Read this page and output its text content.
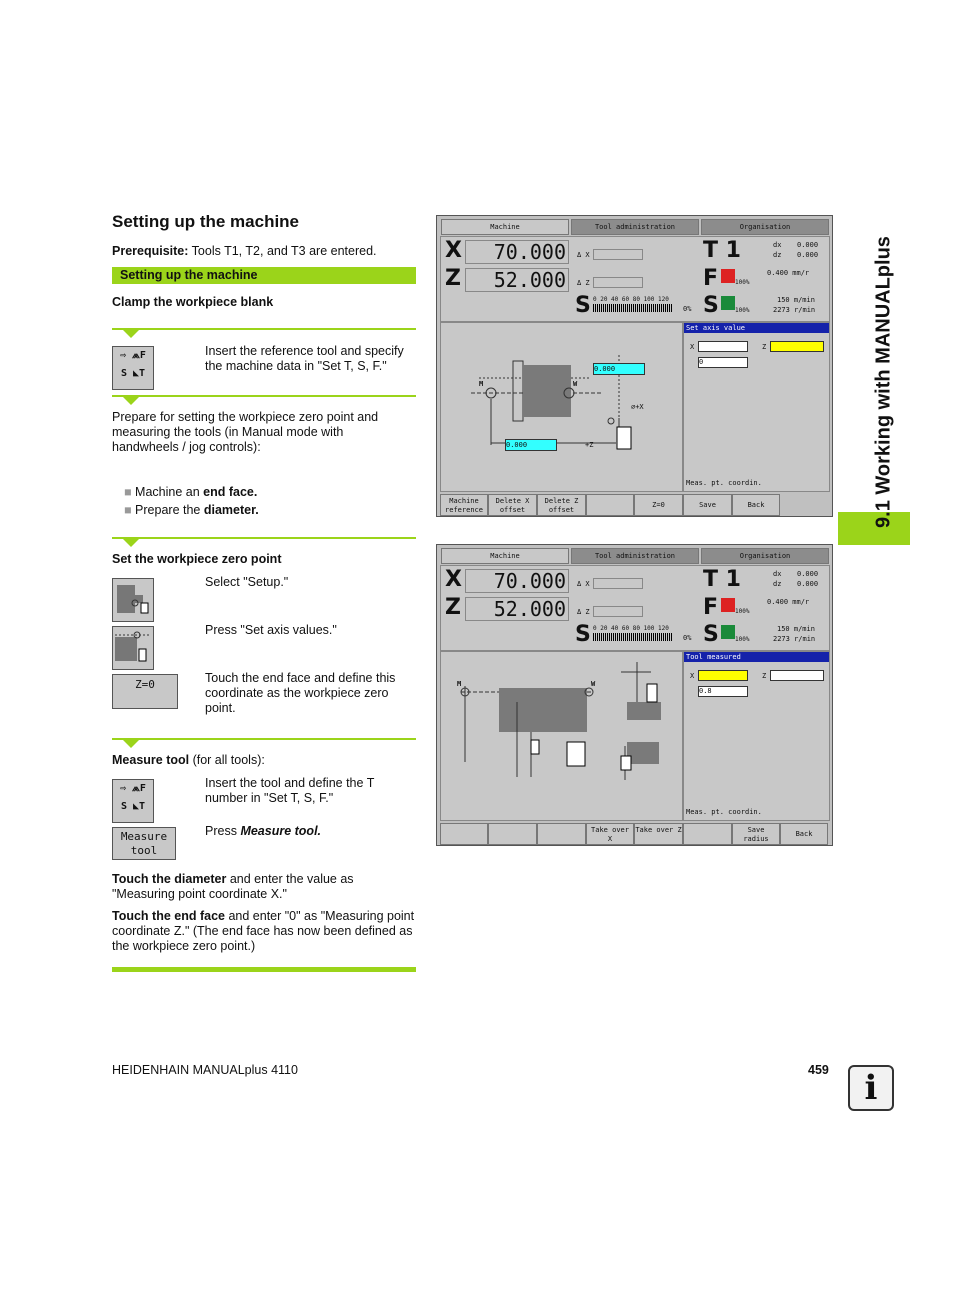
Setting up the machine
Prerequisite: Tools T1, T2, and T3 are entered.
Setting up the machine
Clamp the workpiece blank
⇨ ⩕F
S ◣T
Insert the reference tool and specify the machine data in "Set T, S, F."
Prepare for setting the workpiece zero point and measuring the tools (in Manual mode with handwheels / jog controls):
■ Machine an end face.
■ Prepare the diameter.
Set the workpiece zero point
Select "Setup."
Press "Set axis values."
Z=0	Touch the end face and define this coordinate as the workpiece zero point.
Measure tool (for all tools):
⇨ ⩕F
S ◣T
Insert the tool and define the T number in "Set T, S, F."
Measure
tool
Press Measure tool.
Touch the diameter and enter the value as "Measuring point coordinate X."
Touch the end face and enter "0" as "Measuring point coordinate Z." (The end face has now been defined as the workpiece zero point.)
Machine	Tool administration	Organisation
X	70.000	Δ X
Z	52.000	Δ Z
S 0 20 40 60 80 100 120
0%
T 1	dx 0.000
dz 0.000
F	100%
0.400 mm/r
S	100%
150 m/min
2273 r/min
M	W
0.000
0.000
⌀+X
+Z
Set axis value
X	Z
0
Meas. pt. coordin.
Machine reference
Delete X offset
Delete Z offset
Z=0	Save	Back
Machine	Tool administration	Organisation
X	70.000	Δ X
Z	52.000	Δ Z
S 0 20 40 60 80 100 120
0%
T 1	dx 0.000
dz 0.000
F	100%
0.400 mm/r
S	100%
150 m/min
2273 r/min
M	W
Tool measured
X	Z
0.8
Meas. pt. coordin.
Take over X
Take over Z	Save radius
Back
9.1 Working with MANUALplus
HEIDENHAIN MANUALplus 4110	459	i
